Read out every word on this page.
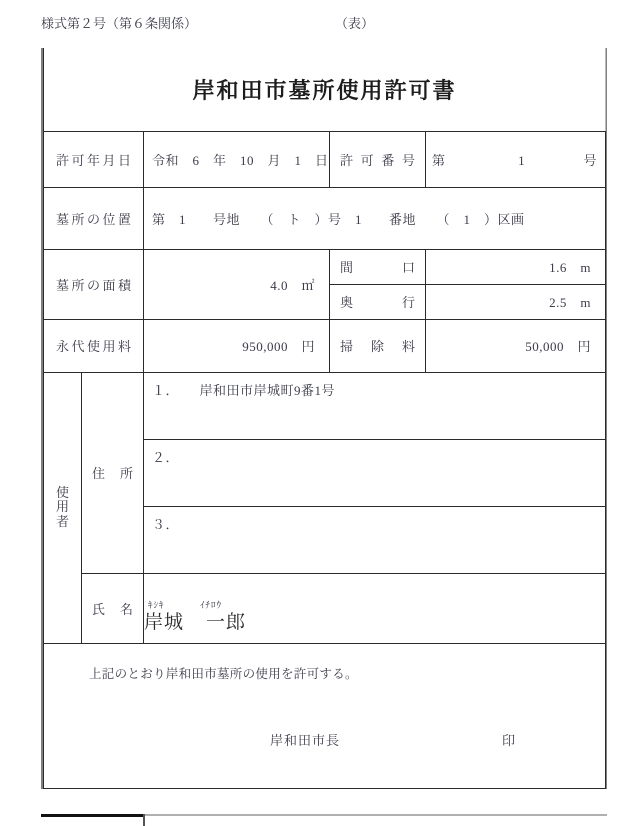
様式第２号（第６条関係）	（表）
岸和田市墓所使用許可書				

許可年月日		令和　6　年　10　月　1　日	許可番号	第　　　　　1　　　　号

墓所の位置		第　1　　号地　　（　ト　）号　1　　番地　　（　1　）区画		

墓所の面積		4.0　㎡	間口	1.6　m

			奥行	2.5　m

永代使用料		950,000　円	掃除料	50,000　円

使
用
者	住所	１．　　岸和田市岸城町9番1号		

		２．		

		３．		

	氏名	ｷｼｷ ｲﾁﾛｳ
岸城 一郎		

上記のとおり岸和田市墓所の使用を許可する。
岸和田市長 印				
